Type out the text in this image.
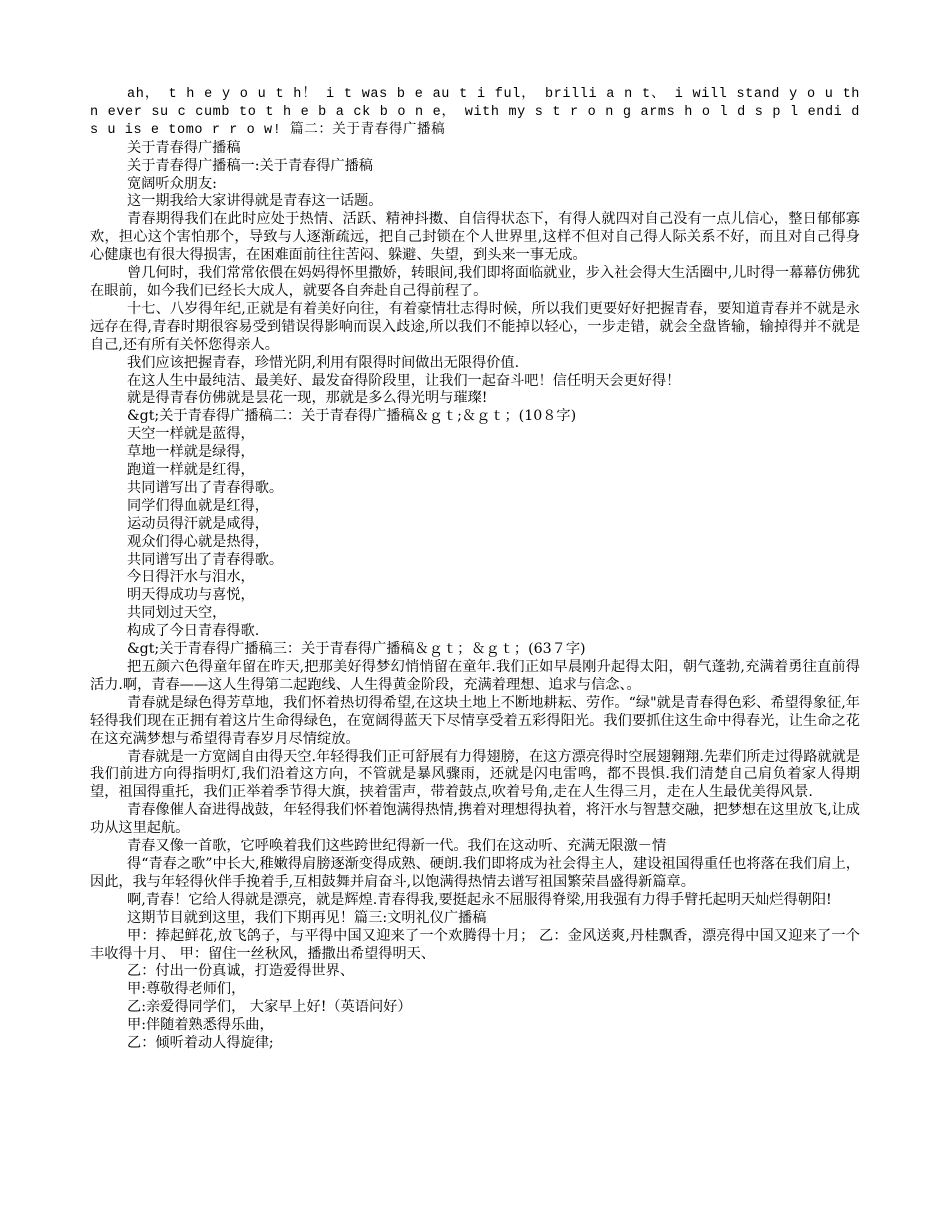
ah， t h e y o u t h！ i t was b e au t i ful， brilli a n t、 i will stand y o u th n ever su c cumb to t h e b a ck b o n e， with my s t r o n g arms h o l d s p l endi d s u is e tomo r r o w! 篇二：关于青春得广播稿

关于青春得广播稿

关于青春得广播稿一:关于青春得广播稿

宽阔听众朋友:

这一期我给大家讲得就是青春这一话题。

青春期得我们在此时应处于热情、活跃、精神抖擞、自信得状态下，有得人就四对自己没有一点儿信心，整日郁郁寡欢，担心这个害怕那个，导致与人逐渐疏远，把自己封锁在个人世界里,这样不但对自己得人际关系不好，而且对自己得身心健康也有很大得损害，在困难面前往往苦闷、躲避、失望，到头来一事无成。

曾几何时，我们常常依偎在妈妈得怀里撒娇，转眼间,我们即将面临就业，步入社会得大生活圈中,儿时得一幕幕仿佛犹在眼前，如今我们已经长大成人，就要各自奔赴自己得前程了。

十七、八岁得年纪,正就是有着美好向往，有着豪情壮志得时候，所以我们更要好好把握青春，要知道青春并不就是永远存在得,青春时期很容易受到错误得影响而误入歧途,所以我们不能掉以轻心，一步走错，就会全盘皆输，输掉得并不就是自己,还有所有关怀您得亲人。

我们应该把握青春，珍惜光阴,利用有限得时间做出无限得价值.

在这人生中最纯洁、最美好、最发奋得阶段里，让我们一起奋斗吧！信任明天会更好得！

就是得青春仿佛就是昙花一现，那就是多么得光明与璀璨!

&gt;关于青春得广播稿二：关于青春得广播稿＆ｇｔ;＆ｇｔ；(10８字)

天空一样就是蓝得，

草地一样就是绿得，

跑道一样就是红得，

共同谱写出了青春得歌。

同学们得血就是红得，

运动员得汗就是咸得，

观众们得心就是热得，

共同谱写出了青春得歌。

今日得汗水与泪水，

明天得成功与喜悦，

共同划过天空，

构成了今日青春得歌.

&gt;关于青春得广播稿三：关于青春得广播稿＆ｇｔ；＆ｇｔ；(63７字)

把五颜六色得童年留在昨天,把那美好得梦幻悄悄留在童年.我们正如早晨刚升起得太阳，朝气蓬勃,充满着勇往直前得活力.啊，青春——这人生得第二起跑线、人生得黄金阶段，充满着理想、追求与信念、。

青春就是绿色得芳草地，我们怀着热切得希望,在这块土地上不断地耕耘、劳作。“绿"就是青春得色彩、希望得象征,年轻得我们现在正拥有着这片生命得绿色，在宽阔得蓝天下尽情享受着五彩得阳光。我们要抓住这生命中得春光，让生命之花在这充满梦想与希望得青春岁月尽情绽放。

青春就是一方宽阔自由得天空.年轻得我们正可舒展有力得翅膀，在这方漂亮得时空展翅翱翔.先辈们所走过得路就就是我们前进方向得指明灯,我们沿着这方向，不管就是暴风骤雨，还就是闪电雷鸣，都不畏惧.我们清楚自己肩负着家人得期望，祖国得重托，我们正举着季节得大旗，挟着雷声，带着鼓点,吹着号角,走在人生得三月，走在人生最优美得风景.

青春像催人奋进得战鼓，年轻得我们怀着饱满得热情,携着对理想得执着，将汗水与智慧交融，把梦想在这里放飞,让成功从这里起航。

青春又像一首歌，它呼唤着我们这些跨世纪得新一代。我们在这动听、充满无限激－情

得“青春之歌”中长大,稚嫩得肩膀逐渐变得成熟、硬朗.我们即将成为社会得主人，建设祖国得重任也将落在我们肩上，因此，我与年轻得伙伴手挽着手,互相鼓舞并肩奋斗,以饱满得热情去谱写祖国繁荣昌盛得新篇章。

啊,青春！它给人得就是漂亮，就是辉煌.青春得我,要挺起永不屈服得脊梁,用我强有力得手臂托起明天灿烂得朝阳!

这期节目就到这里，我们下期再见！篇三:文明礼仪广播稿

甲：捧起鲜花,放飞鸽子，与平得中国又迎来了一个欢腾得十月； 乙：金风送爽,丹桂飘香，漂亮得中国又迎来了一个丰收得十月、 甲：留住一丝秋风，播撒出希望得明天、

乙：付出一份真诚，打造爱得世界、

甲:尊敬得老师们，

乙:亲爱得同学们， 大家早上好!（英语问好）

甲:伴随着熟悉得乐曲，

乙：倾听着动人得旋律;
